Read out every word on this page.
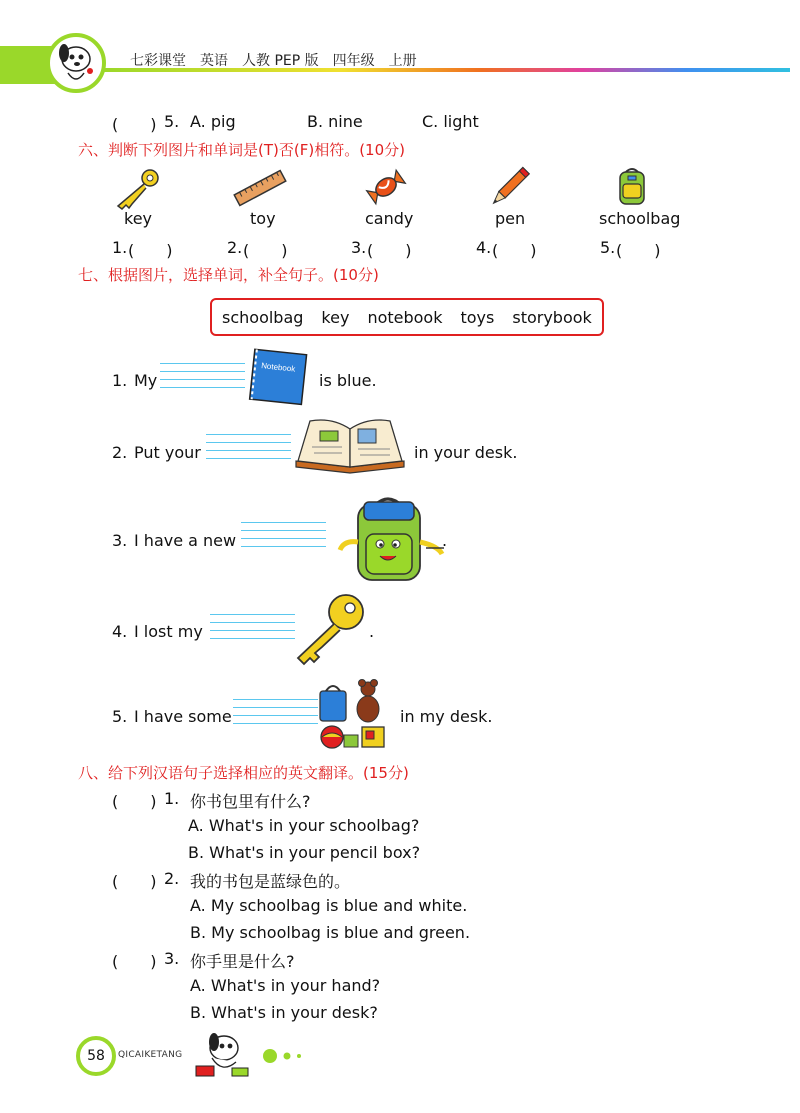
七彩课堂　英语　人教 PEP 版　四年级　上册
(　　) 5. A. pig	B. nine	C. light
六、判断下列图片和单词是(T)否(F)相符。(10分)
key	toy	candy	pen	schoolbag
1. (　　)	2. (　　)	3. (　　)	4. (　　)	5. (　　)
七、根据图片，选择单词，补全句子。(10分)
schoolbag key notebook toys storybook
1. My
Notebook
is blue.
2. Put your	in your desk.
3. I have a new	.
4. I lost my	.
5. I have some	in my desk.
八、给下列汉语句子选择相应的英文翻译。(15分)
(　　) 1. 你书包里有什么?
A. What's in your schoolbag?
B. What's in your pencil box?
(　　) 2. 我的书包是蓝绿色的。
A. My schoolbag is blue and white.
B. My schoolbag is blue and green.
(　　) 3. 你手里是什么?
A. What's in your hand?
B. What's in your desk?
58	QICAIKETANG
